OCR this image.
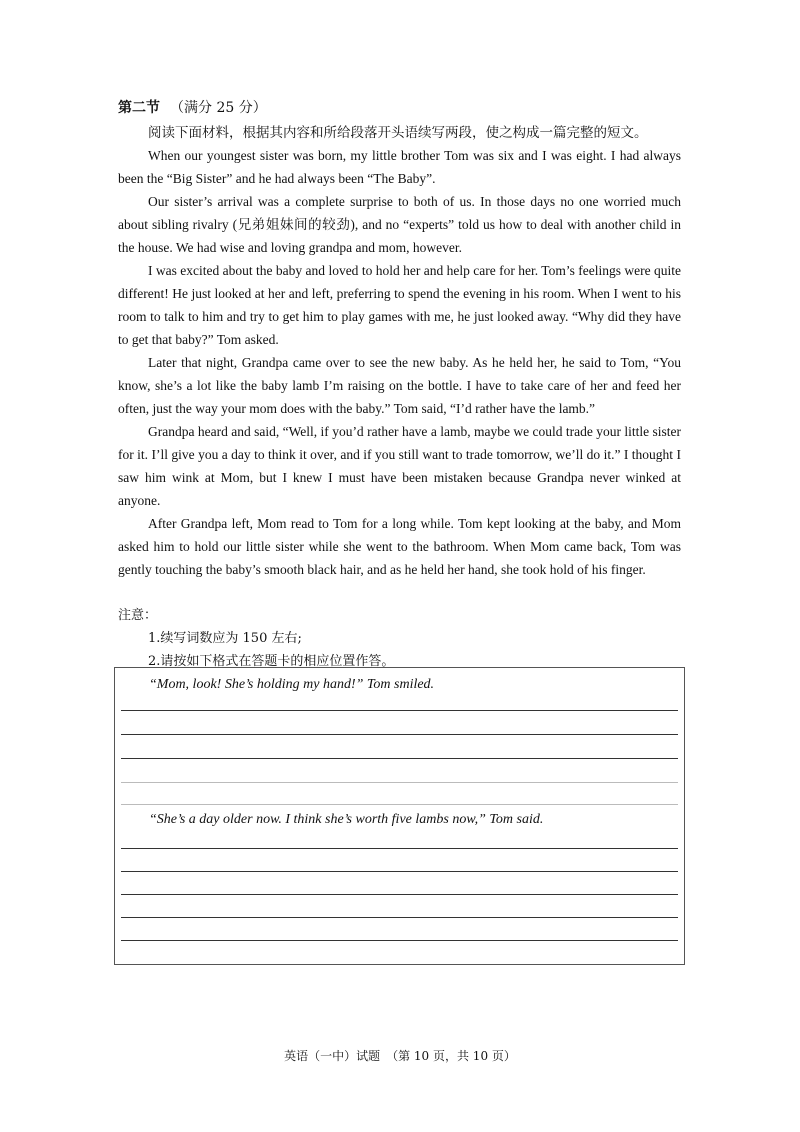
第二节 （满分 25 分）

阅读下面材料，根据其内容和所给段落开头语续写两段，使之构成一篇完整的短文。

When our youngest sister was born, my little brother Tom was six and I was eight. I had always been the “Big Sister” and he had always been “The Baby”.

Our sister’s arrival was a complete surprise to both of us. In those days no one worried much about sibling rivalry (兄弟姐妹间的较劲), and no “experts” told us how to deal with another child in the house. We had wise and loving grandpa and mom, however.

I was excited about the baby and loved to hold her and help care for her. Tom’s feelings were quite different! He just looked at her and left, preferring to spend the evening in his room. When I went to his room to talk to him and try to get him to play games with me, he just looked away. “Why did they have to get that baby?” Tom asked.

Later that night, Grandpa came over to see the new baby. As he held her, he said to Tom, “You know, she’s a lot like the baby lamb I’m raising on the bottle. I have to take care of her and feed her often, just the way your mom does with the baby.” Tom said, “I’d rather have the lamb.”

Grandpa heard and said, “Well, if you’d rather have a lamb, maybe we could trade your little sister for it. I’ll give you a day to think it over, and if you still want to trade tomorrow, we’ll do it.” I thought I saw him wink at Mom, but I knew I must have been mistaken because Grandpa never winked at anyone.

After Grandpa left, Mom read to Tom for a long while. Tom kept looking at the baby, and Mom asked him to hold our little sister while she went to the bathroom. When Mom came back, Tom was gently touching the baby’s smooth black hair, and as he held her hand, she took hold of his finger.

注意：

1.续写词数应为 150 左右;

2.请按如下格式在答题卡的相应位置作答。

“Mom, look! She’s holding my hand!” Tom smiled.
“She’s a day older now. I think she’s worth five lambs now,” Tom said.
英语（一中）试题　（第 10 页，共 10 页）
